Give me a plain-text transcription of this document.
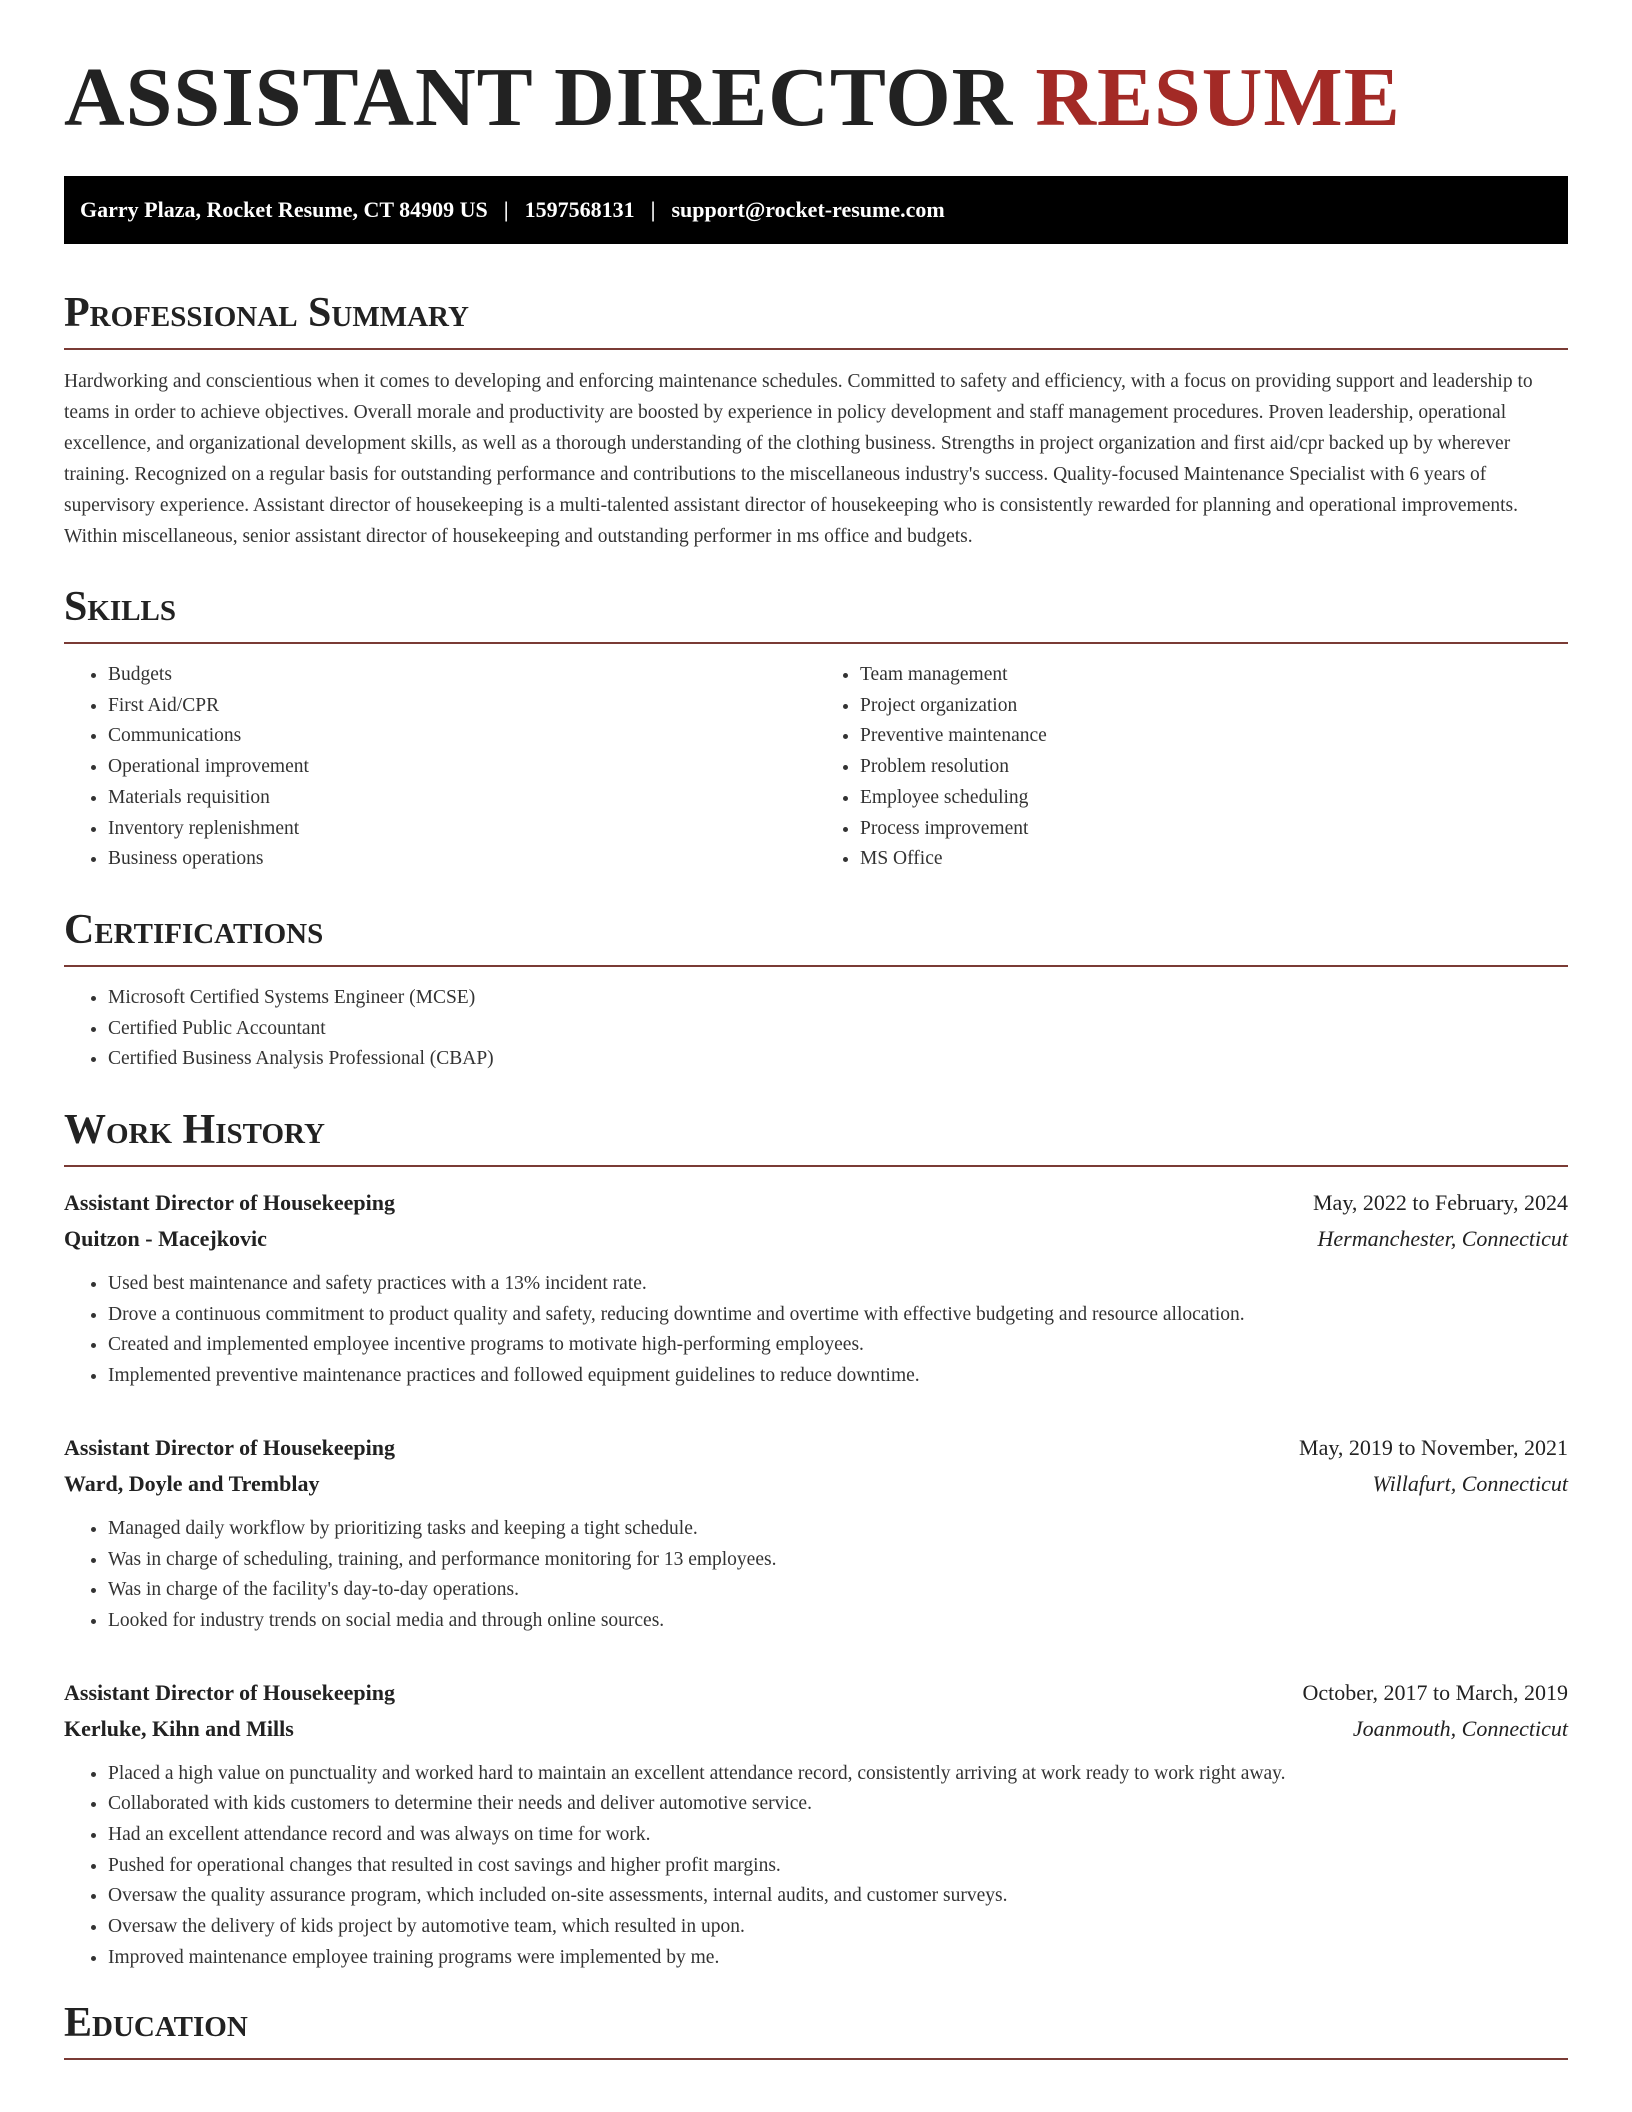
ASSISTANT DIRECTOR RESUME
Garry Plaza, Rocket Resume, CT 84909 US | 1597568131 | support@rocket-resume.com
Professional Summary

Hardworking and conscientious when it comes to developing and enforcing maintenance schedules. Committed to safety and efficiency, with a focus on providing support and leadership to teams in order to achieve objectives. Overall morale and productivity are boosted by experience in policy development and staff management procedures. Proven leadership, operational excellence, and organizational development skills, as well as a thorough understanding of the clothing business. Strengths in project organization and first aid/cpr backed up by wherever training. Recognized on a regular basis for outstanding performance and contributions to the miscellaneous industry's success. Quality-focused Maintenance Specialist with 6 years of supervisory experience. Assistant director of housekeeping is a multi-talented assistant director of housekeeping who is consistently rewarded for planning and operational improvements. Within miscellaneous, senior assistant director of housekeeping and outstanding performer in ms office and budgets.

Skills
• Budgets
• First Aid/CPR
• Communications
• Operational improvement
• Materials requisition
• Inventory replenishment
• Business operations
• Team management
• Project organization
• Preventive maintenance
• Problem resolution
• Employee scheduling
• Process improvement
• MS Office
Certifications
• Microsoft Certified Systems Engineer (MCSE)
• Certified Public Accountant
• Certified Business Analysis Professional (CBAP)
Work History
Assistant Director of Housekeeping	May, 2022 to February, 2024
Quitzon - Macejkovic	Hermanchester, Connecticut
• Used best maintenance and safety practices with a 13% incident rate.
• Drove a continuous commitment to product quality and safety, reducing downtime and overtime with effective budgeting and resource allocation.
• Created and implemented employee incentive programs to motivate high-performing employees.
• Implemented preventive maintenance practices and followed equipment guidelines to reduce downtime.
Assistant Director of Housekeeping	May, 2019 to November, 2021
Ward, Doyle and Tremblay	Willafurt, Connecticut
• Managed daily workflow by prioritizing tasks and keeping a tight schedule.
• Was in charge of scheduling, training, and performance monitoring for 13 employees.
• Was in charge of the facility's day-to-day operations.
• Looked for industry trends on social media and through online sources.
Assistant Director of Housekeeping	October, 2017 to March, 2019
Kerluke, Kihn and Mills	Joanmouth, Connecticut
• Placed a high value on punctuality and worked hard to maintain an excellent attendance record, consistently arriving at work ready to work right away.
• Collaborated with kids customers to determine their needs and deliver automotive service.
• Had an excellent attendance record and was always on time for work.
• Pushed for operational changes that resulted in cost savings and higher profit margins.
• Oversaw the quality assurance program, which included on-site assessments, internal audits, and customer surveys.
• Oversaw the delivery of kids project by automotive team, which resulted in upon.
• Improved maintenance employee training programs were implemented by me.
Education
